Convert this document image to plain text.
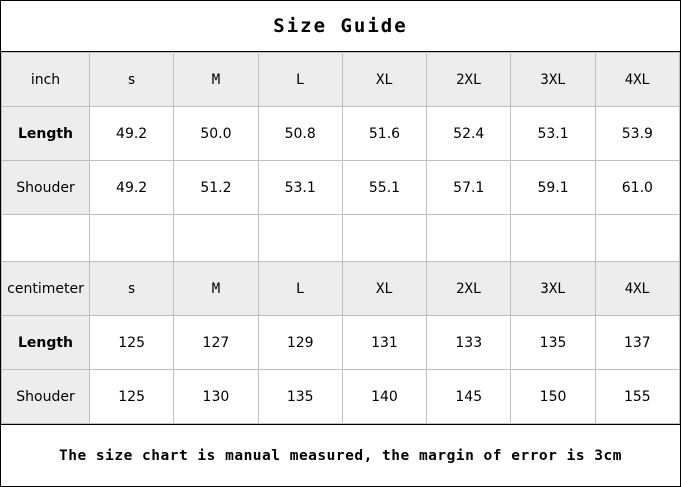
Size Guide
inch	s	M	L	XL	2XL	3XL	4XL
Length	49.2	50.0	50.8	51.6	52.4	53.1	53.9
Shouder	49.2	51.2	53.1	55.1	57.1	59.1	61.0

centimeter	s	M	L	XL	2XL	3XL	4XL
Length	125	127	129	131	133	135	137
Shouder	125	130	135	140	145	150	155
The size chart is manual measured, the margin of error is 3cm
